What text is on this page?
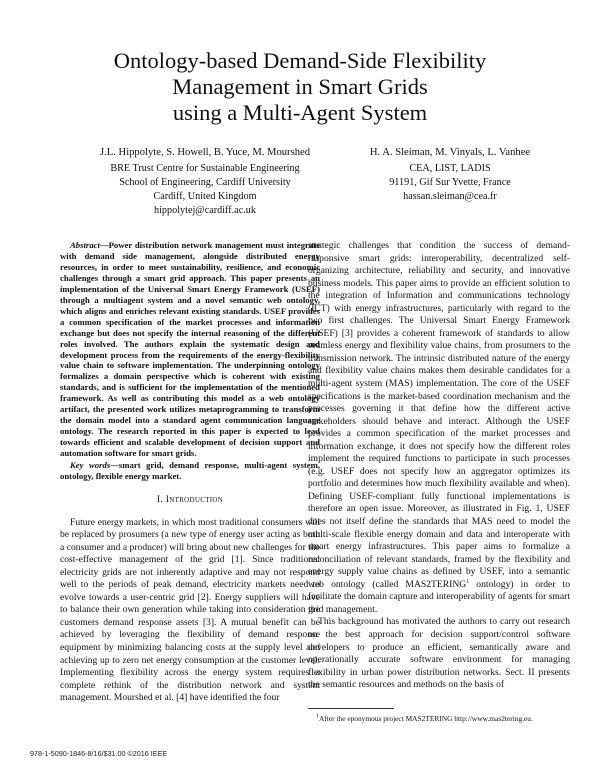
Ontology-based Demand-Side Flexibility
Management in Smart Grids
using a Multi-Agent System
J.L. Hippolyte, S. Howell, B. Yuce, M. Mourshed
BRE Trust Centre for Sustainable Engineering
School of Engineering, Cardiff University
Cardiff, United Kingdom
hippolytej@cardiff.ac.uk
H. A. Sleiman, M. Vinyals, L. Vanhee
CEA, LIST, LADIS
91191, Gif Sur Yvette, France
hassan.sleiman@cea.fr

Abstract—Power distribution network management must integrate with demand side management, alongside distributed energy resources, in order to meet sustainability, resilience, and economic challenges through a smart grid approach. This paper presents an implementation of the Universal Smart Energy Framework (USEF) through a multiagent system and a novel semantic web ontology, which aligns and enriches relevant existing standards. USEF provides a common specification of the market processes and information exchange but does not specify the internal reasoning of the different roles involved. The authors explain the systematic design and development process from the requirements of the energy-flexibility value chain to software implementation. The underpinning ontology formalizes a domain perspective which is coherent with existing standards, and is sufficient for the implementation of the mentioned framework. As well as contributing this model as a web ontology artifact, the presented work utilizes metaprogramming to transform the domain model into a standard agent communication language ontology. The research reported in this paper is expected to lead towards efficient and scalable development of decision support and automation software for smart grids.

Key words—smart grid, demand response, multi-agent system, ontology, flexible energy market.

I. Introduction

Future energy markets, in which most traditional consumers will be replaced by prosumers (a new type of energy user acting as both a consumer and a producer) will bring about new challenges for the cost-effective management of the grid [1]. Since traditional electricity grids are not inherently adaptive and may not respond well to the periods of peak demand, electricity markets need to evolve towards a user-centric grid [2]. Energy suppliers will have to balance their own generation while taking into consideration the customers demand response assets [3]. A mutual benefit can be achieved by leveraging the flexibility of demand response equipment by minimizing balancing costs at the supply level and achieving up to zero net energy consumption at the customer level. Implementing flexibility across the energy system requires a complete rethink of the distribution network and system management. Mourshed et al. [4] have identified the four

strategic challenges that condition the success of demand-responsive smart grids: interoperability, decentralized self-organizing architecture, reliability and security, and innovative business models. This paper aims to provide an efficient solution to the integration of Information and communications technology (ICT) with energy infrastructures, particularly with regard to the two first challenges. The Universal Smart Energy Framework (USEF) [3] provides a coherent framework of standards to allow seamless energy and flexibility value chains, from prosumers to the transmission network. The intrinsic distributed nature of the energy and flexibility value chains makes them desirable candidates for a multi-agent system (MAS) implementation. The core of the USEF specifications is the market-based coordination mechanism and the processes governing it that define how the different active stakeholders should behave and interact. Although the USEF provides a common specification of the market processes and information exchange, it does not specify how the different roles implement the required functions to participate in such processes (e.g. USEF does not specify how an aggregator optimizes its portfolio and determines how much flexibility available and when). Defining USEF-compliant fully functional implementations is therefore an open issue. Moreover, as illustrated in Fig. 1, USEF does not itself define the standards that MAS need to model the multi-scale flexible energy domain and data and interoperate with smart energy infrastructures. This paper aims to formalize a reconciliation of relevant standards, framed by the flexibility and energy supply value chains as defined by USEF, into a semantic web ontology (called MAS2TERING$^1$ ontology) in order to facilitate the domain capture and interoperability of agents for smart grid management.

This background has motivated the authors to carry out research on the best approach for decision support/control software developers to produce an efficient, semantically aware and operationally accurate software environment for managing flexibility in urban power distribution networks. Sect. II presents the semantic resources and methods on the basis of

$^1$After the eponymous project MAS2TERING http://www.mas2tering.eu.
978-1-5090-1846-8/16/$31.00 ©2016 IEEE
